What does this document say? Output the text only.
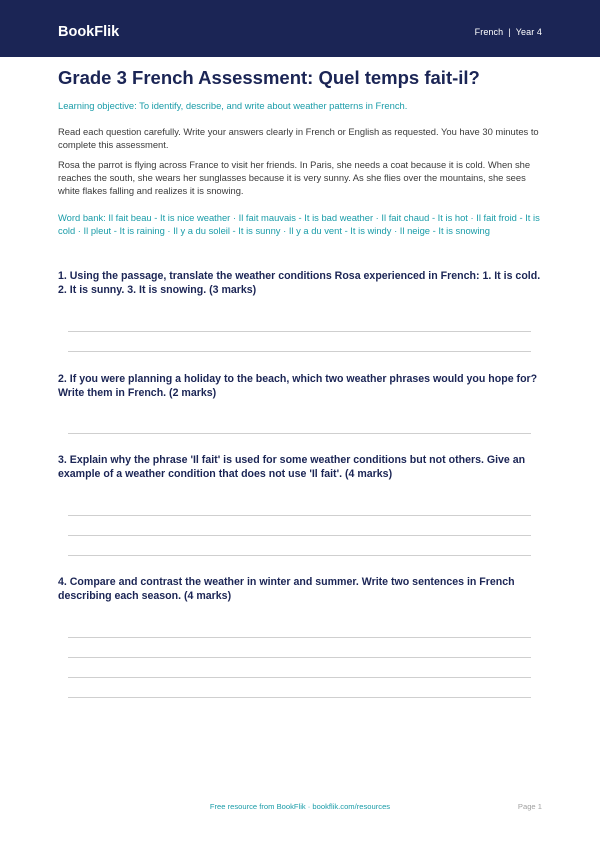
BookFlik	French | Year 4
Grade 3 French Assessment: Quel temps fait-il?
Learning objective: To identify, describe, and write about weather patterns in French.
Read each question carefully. Write your answers clearly in French or English as requested. You have 30 minutes to complete this assessment.
Rosa the parrot is flying across France to visit her friends. In Paris, she needs a coat because it is cold. When she reaches the south, she wears her sunglasses because it is very sunny. As she flies over the mountains, she sees white flakes falling and realizes it is snowing.
Word bank: Il fait beau - It is nice weather · Il fait mauvais - It is bad weather · Il fait chaud - It is hot · Il fait froid - It is cold · Il pleut - It is raining · Il y a du soleil - It is sunny · Il y a du vent - It is windy · Il neige - It is snowing
1. Using the passage, translate the weather conditions Rosa experienced in French: 1. It is cold. 2. It is sunny. 3. It is snowing. (3 marks)
2. If you were planning a holiday to the beach, which two weather phrases would you hope for? Write them in French. (2 marks)
3. Explain why the phrase 'Il fait' is used for some weather conditions but not others. Give an example of a weather condition that does not use 'Il fait'. (4 marks)
4. Compare and contrast the weather in winter and summer. Write two sentences in French describing each season. (4 marks)
Free resource from BookFlik · bookflik.com/resources	Page 1
